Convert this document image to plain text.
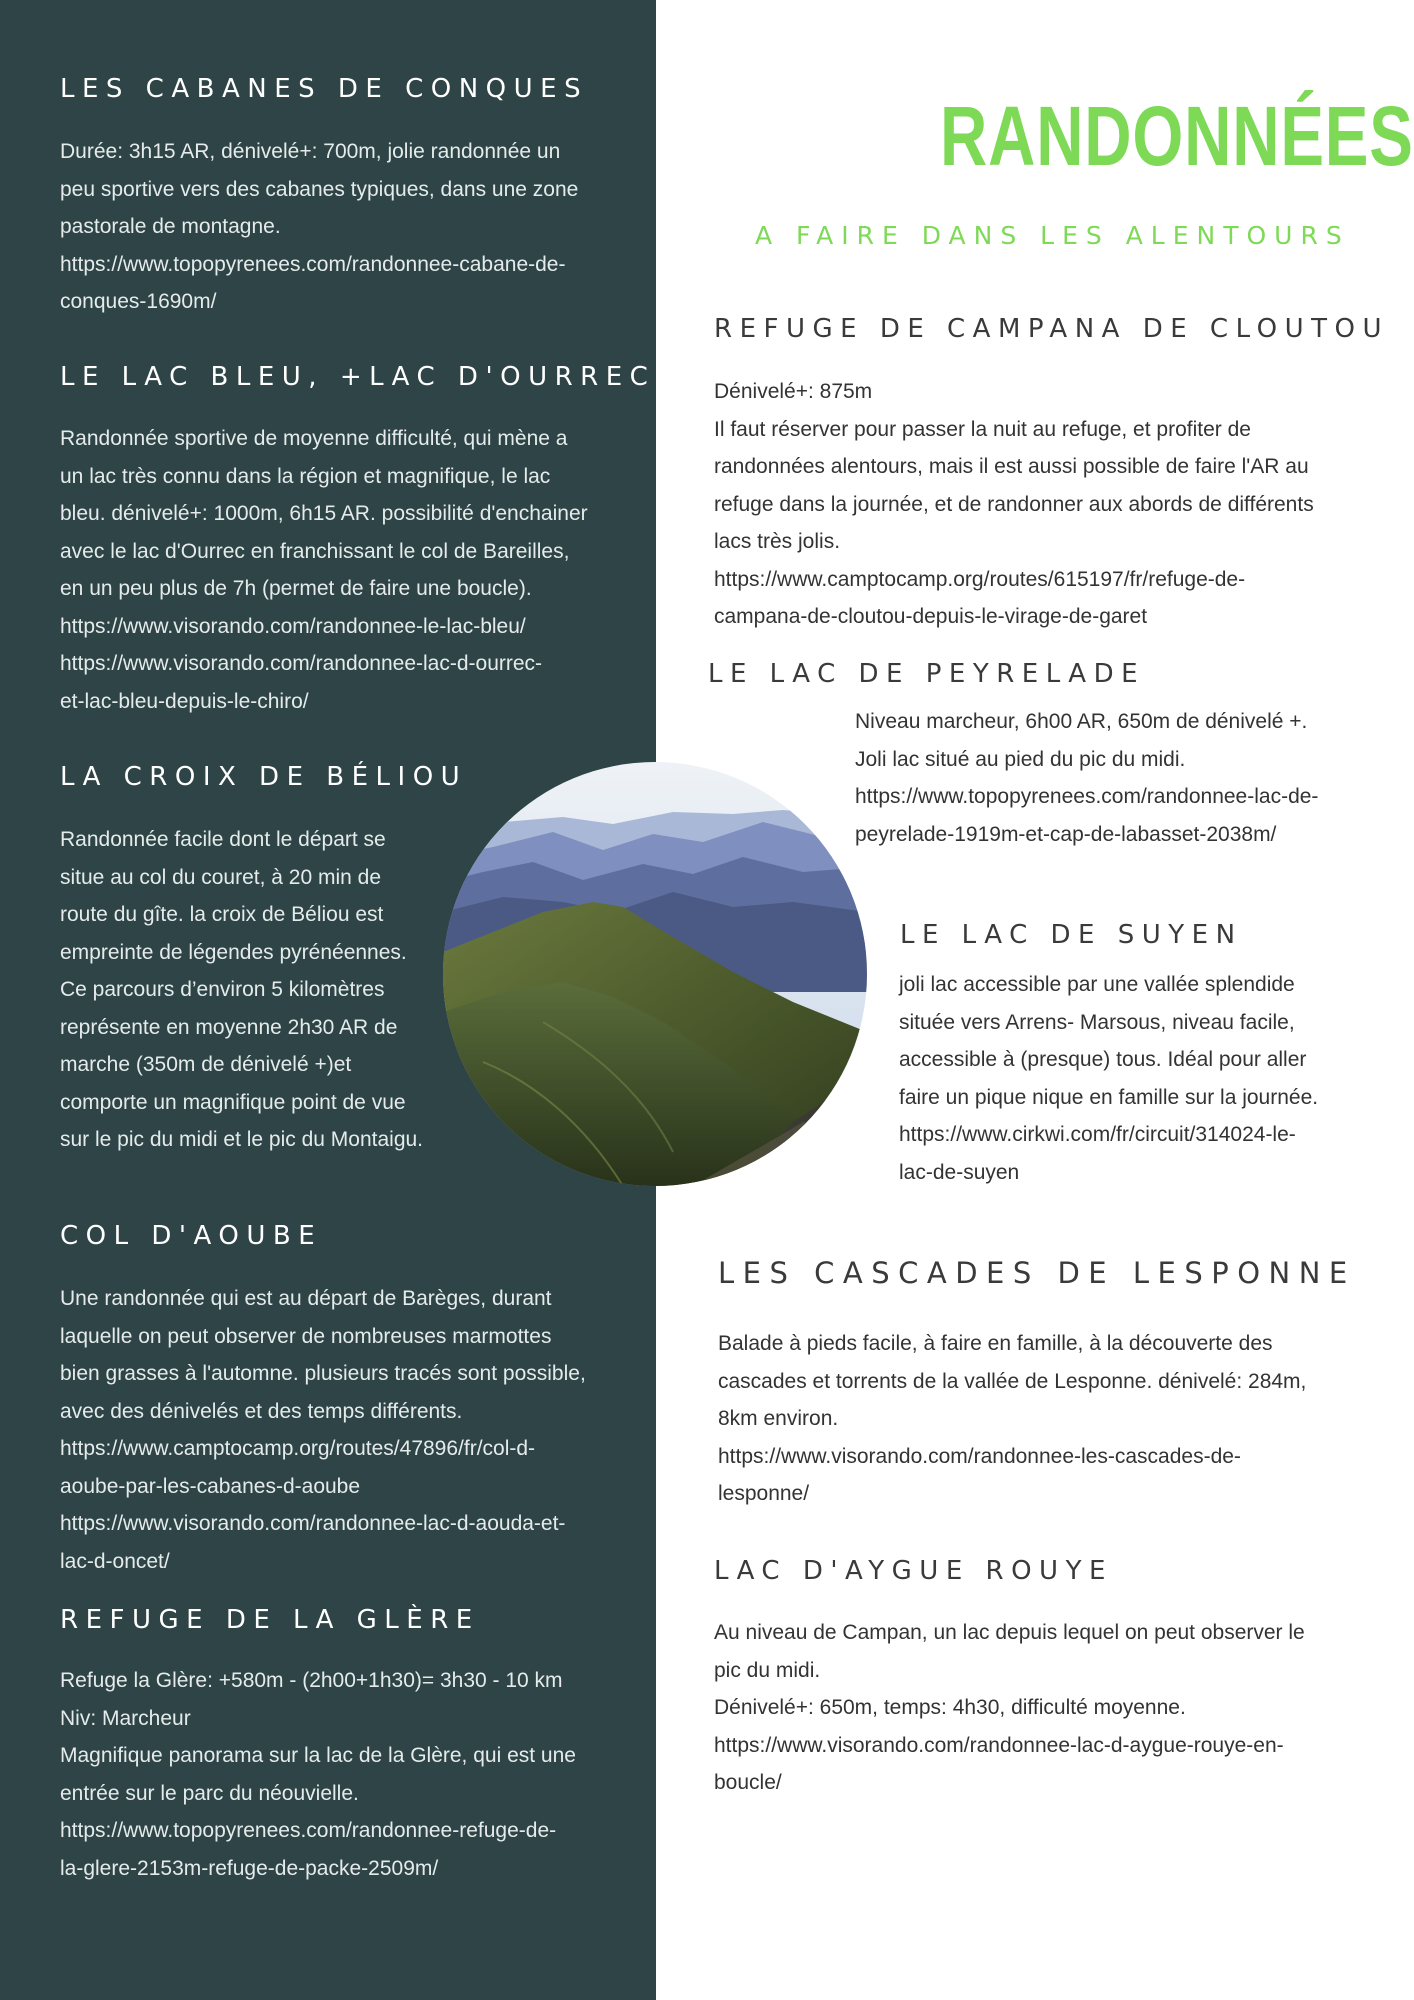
LES CABANES DE CONQUES
Durée: 3h15 AR, dénivelé+: 700m, jolie randonnée un
peu sportive vers des cabanes typiques, dans une zone
pastorale de montagne.
https://www.topopyrenees.com/randonnee-cabane-de-
conques-1690m/
LE LAC BLEU, +LAC D'OURREC
Randonnée sportive de moyenne difficulté, qui mène a
un lac très connu dans la région et magnifique, le lac
bleu. dénivelé+: 1000m, 6h15 AR. possibilité d'enchainer
avec le lac d'Ourrec en franchissant le col de Bareilles,
en un peu plus de 7h (permet de faire une boucle).
https://www.visorando.com/randonnee-le-lac-bleu/
https://www.visorando.com/randonnee-lac-d-ourrec-
et-lac-bleu-depuis-le-chiro/
LA CROIX DE BÉLIOU
Randonnée facile dont le départ se
situe au col du couret, à 20 min de
route du gîte. la croix de Béliou est
empreinte de légendes pyrénéennes.
Ce parcours d’environ 5 kilomètres
représente en moyenne 2h30 AR de
marche (350m de dénivelé +)et
comporte un magnifique point de vue
sur le pic du midi et le pic du Montaigu.
COL D'AOUBE
Une randonnée qui est au départ de Barèges, durant
laquelle on peut observer de nombreuses marmottes
bien grasses à l'automne. plusieurs tracés sont possible,
avec des dénivelés et des temps différents.
https://www.camptocamp.org/routes/47896/fr/col-d-
aoube-par-les-cabanes-d-aoube
https://www.visorando.com/randonnee-lac-d-aouda-et-
lac-d-oncet/
REFUGE DE LA GLÈRE
Refuge la Glère: +580m - (2h00+1h30)= 3h30 - 10 km
Niv: Marcheur
Magnifique panorama sur la lac de la Glère, qui est une
entrée sur le parc du néouvielle.
https://www.topopyrenees.com/randonnee-refuge-de-
la-glere-2153m-refuge-de-packe-2509m/
RANDONNÉES
A FAIRE DANS LES ALENTOURS
REFUGE DE CAMPANA DE CLOUTOU
Dénivelé+: 875m
Il faut réserver pour passer la nuit au refuge, et profiter de
randonnées alentours, mais il est aussi possible de faire l'AR au
refuge dans la journée, et de randonner aux abords de différents
lacs très jolis.
https://www.camptocamp.org/routes/615197/fr/refuge-de-
campana-de-cloutou-depuis-le-virage-de-garet
LE LAC DE PEYRELADE
Niveau marcheur, 6h00 AR, 650m de dénivelé +.
Joli lac situé au pied du pic du midi.
https://www.topopyrenees.com/randonnee-lac-de-
peyrelade-1919m-et-cap-de-labasset-2038m/
LE LAC DE SUYEN
joli lac accessible par une vallée splendide
située vers Arrens- Marsous, niveau facile,
accessible à (presque) tous. Idéal pour aller
faire un pique nique en famille sur la journée.
https://www.cirkwi.com/fr/circuit/314024-le-
lac-de-suyen
LES CASCADES DE LESPONNE
Balade à pieds facile, à faire en famille, à la découverte des
cascades et torrents de la vallée de Lesponne. dénivelé: 284m,
8km environ.
https://www.visorando.com/randonnee-les-cascades-de-
lesponne/
LAC D'AYGUE ROUYE
Au niveau de Campan, un lac depuis lequel on peut observer le
pic du midi.
Dénivelé+: 650m, temps: 4h30, difficulté moyenne.
https://www.visorando.com/randonnee-lac-d-aygue-rouye-en-
boucle/
